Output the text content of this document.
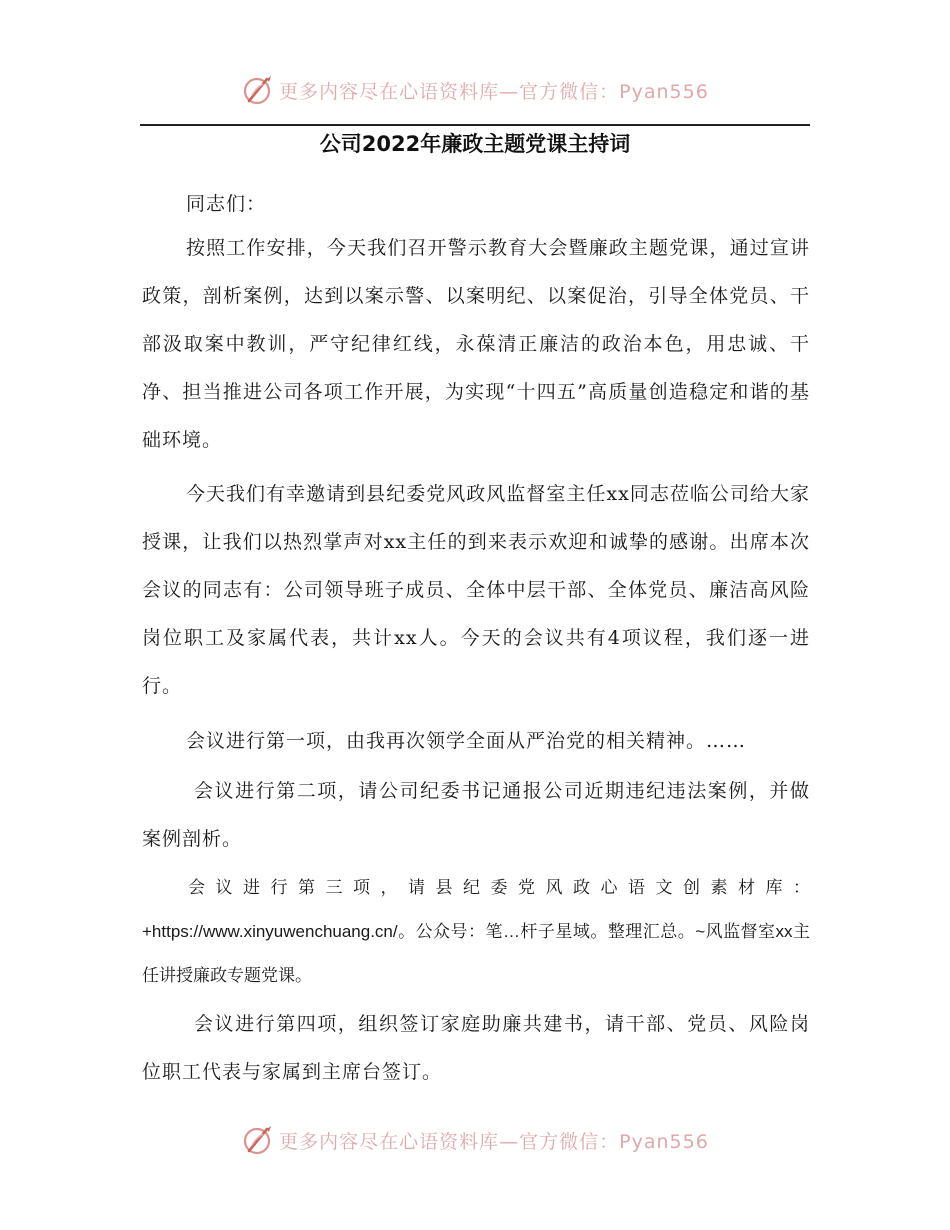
更多内容尽在心语资料库—官方微信：Pyan556
公司2022年廉政主题党课主持词

同志们：

按照工作安排，今天我们召开警示教育大会暨廉政主题党课，通过宣讲政策，剖析案例，达到以案示警、以案明纪、以案促治，引导全体党员、干部汲取案中教训，严守纪律红线，永葆清正廉洁的政治本色，用忠诚、干净、担当推进公司各项工作开展，为实现“十四五”高质量创造稳定和谐的基础环境。

今天我们有幸邀请到县纪委党风政风监督室主任xx同志莅临公司给大家授课，让我们以热烈掌声对xx主任的到来表示欢迎和诚挚的感谢。出席本次会议的同志有：公司领导班子成员、全体中层干部、全体党员、廉洁高风险岗位职工及家属代表，共计xx人。今天的会议共有4项议程，我们逐一进行。

会议进行第一项，由我再次领学全面从严治党的相关精神。……

会议进行第二项，请公司纪委书记通报公司近期违纪违法案例，并做案例剖析。

会议进行第三项，请县纪委党风政心语文创素材库：+https://www.xinyuwenchuang.cn/。公众号：笔…杆子星域。整理汇总。~风监督室xx主任讲授廉政专题党课。

会议进行第四项，组织签订家庭助廉共建书，请干部、党员、风险岗位职工代表与家属到主席台签订。

更多内容尽在心语资料库—官方微信：Pyan556
